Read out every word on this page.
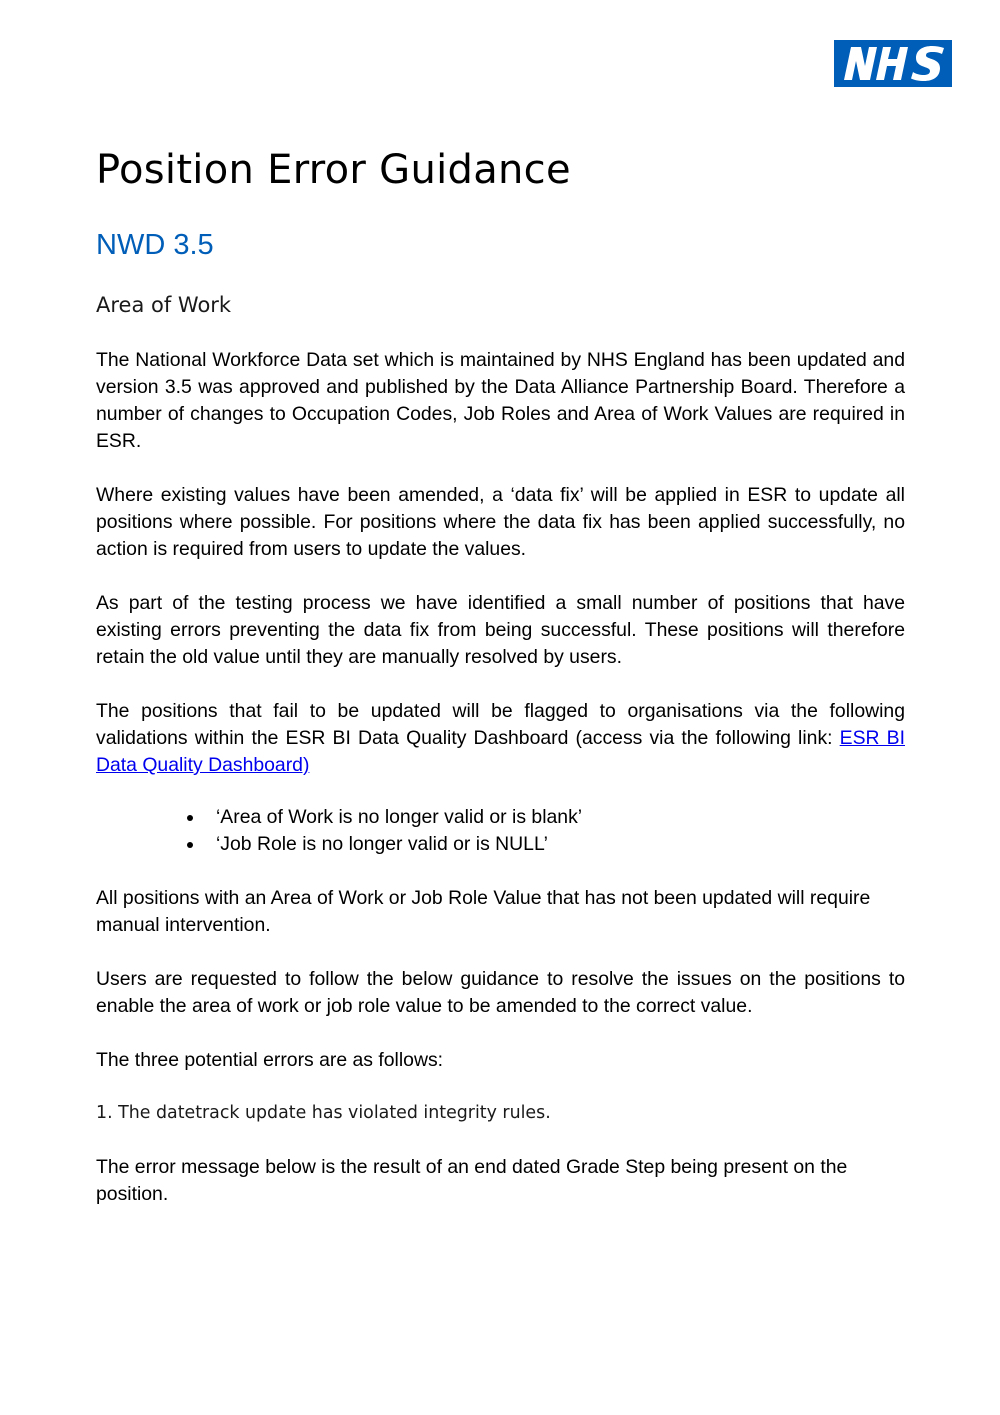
Position Error Guidance
NWD 3.5
Area of Work

The National Workforce Data set which is maintained by NHS England has been updated and version 3.5 was approved and published by the Data Alliance Partnership Board. Therefore a number of changes to Occupation Codes, Job Roles and Area of Work Values are required in ESR.

Where existing values have been amended, a ‘data fix’ will be applied in ESR to update all positions where possible. For positions where the data fix has been applied successfully, no action is required from users to update the values.

As part of the testing process we have identified a small number of positions that have existing errors preventing the data fix from being successful. These positions will therefore retain the old value until they are manually resolved by users.

The positions that fail to be updated will be flagged to organisations via the following validations within the ESR BI Data Quality Dashboard (access via the following link: ESR BI Data Quality Dashboard)

‘Area of Work is no longer valid or is blank’
‘Job Role is no longer valid or is NULL’

All positions with an Area of Work or Job Role Value that has not been updated will require manual intervention.

Users are requested to follow the below guidance to resolve the issues on the positions to enable the area of work or job role value to be amended to the correct value.

The three potential errors are as follows:

1. The datetrack update has violated integrity rules.

The error message below is the result of an end dated Grade Step being present on the position.
